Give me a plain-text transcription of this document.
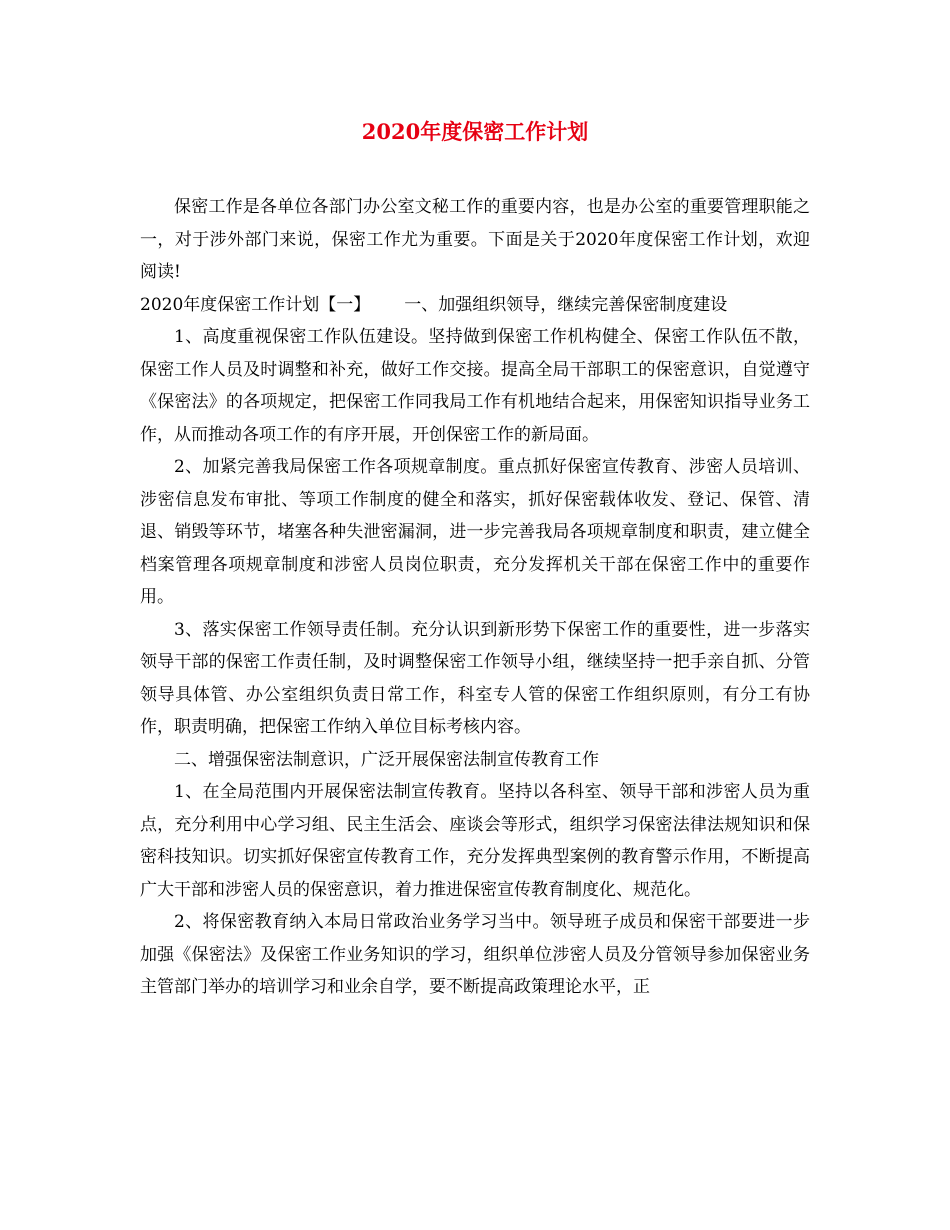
2020年度保密工作计划

保密工作是各单位各部门办公室文秘工作的重要内容，也是办公室的重要管理职能之一，对于涉外部门来说，保密工作尤为重要。下面是关于2020年度保密工作计划，欢迎阅读!

2020年度保密工作计划【一】 一、加强组织领导，继续完善保密制度建设

1、高度重视保密工作队伍建设。坚持做到保密工作机构健全、保密工作队伍不散，保密工作人员及时调整和补充，做好工作交接。提高全局干部职工的保密意识，自觉遵守《保密法》的各项规定，把保密工作同我局工作有机地结合起来，用保密知识指导业务工作，从而推动各项工作的有序开展，开创保密工作的新局面。

2、加紧完善我局保密工作各项规章制度。重点抓好保密宣传教育、涉密人员培训、涉密信息发布审批、等项工作制度的健全和落实，抓好保密载体收发、登记、保管、清退、销毁等环节，堵塞各种失泄密漏洞，进一步完善我局各项规章制度和职责，建立健全档案管理各项规章制度和涉密人员岗位职责，充分发挥机关干部在保密工作中的重要作用。

3、落实保密工作领导责任制。充分认识到新形势下保密工作的重要性，进一步落实领导干部的保密工作责任制，及时调整保密工作领导小组，继续坚持一把手亲自抓、分管领导具体管、办公室组织负责日常工作，科室专人管的保密工作组织原则，有分工有协作，职责明确，把保密工作纳入单位目标考核内容。

二、增强保密法制意识，广泛开展保密法制宣传教育工作

1、在全局范围内开展保密法制宣传教育。坚持以各科室、领导干部和涉密人员为重点，充分利用中心学习组、民主生活会、座谈会等形式，组织学习保密法律法规知识和保密科技知识。切实抓好保密宣传教育工作，充分发挥典型案例的教育警示作用，不断提高广大干部和涉密人员的保密意识，着力推进保密宣传教育制度化、规范化。

2、将保密教育纳入本局日常政治业务学习当中。领导班子成员和保密干部要进一步加强《保密法》及保密工作业务知识的学习，组织单位涉密人员及分管领导参加保密业务主管部门举办的培训学习和业余自学，要不断提高政策理论水平，正
